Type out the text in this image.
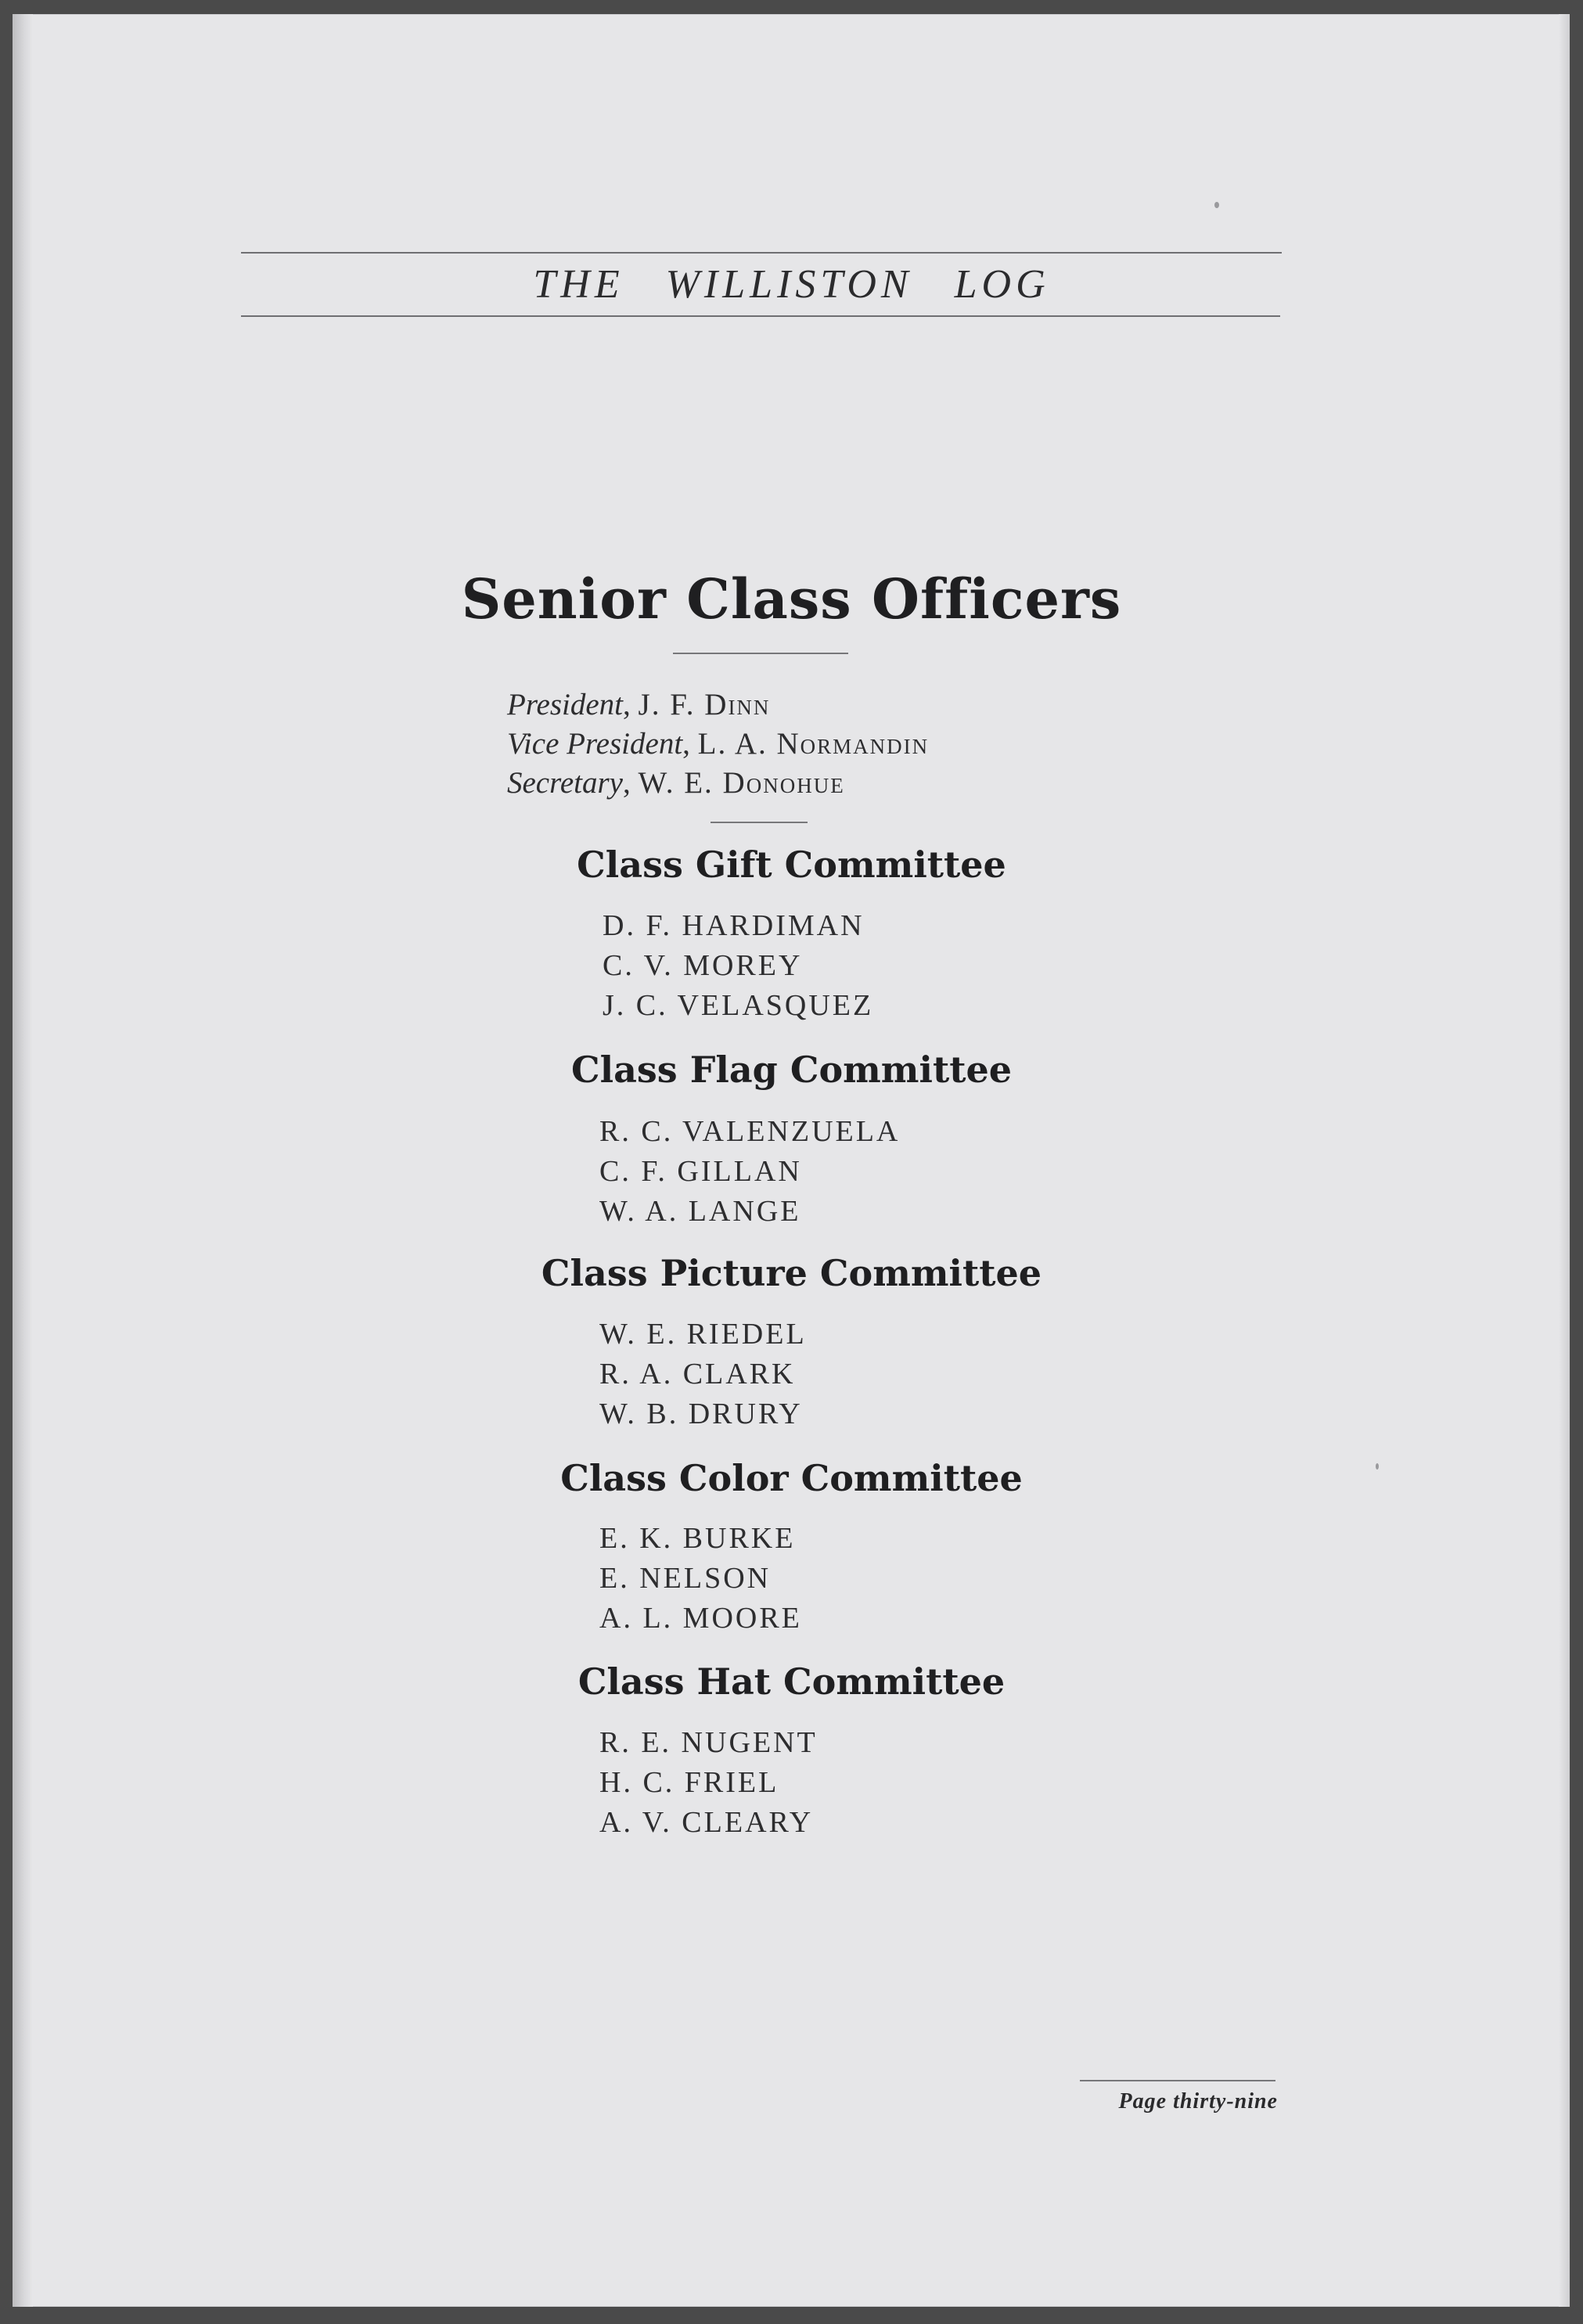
THE WILLISTON LOG
Senior Class Officers
President, J. F. Dinn
Vice President, L. A. Normandin
Secretary, W. E. Donohue
Class Gift Committee
D. F. HARDIMAN
C. V. MOREY
J. C. VELASQUEZ
Class Flag Committee
R. C. VALENZUELA
C. F. GILLAN
W. A. LANGE
Class Picture Committee
W. E. RIEDEL
R. A. CLARK
W. B. DRURY
Class Color Committee
E. K. BURKE
E. NELSON
A. L. MOORE
Class Hat Committee
R. E. NUGENT
H. C. FRIEL
A. V. CLEARY
Page thirty-nine
